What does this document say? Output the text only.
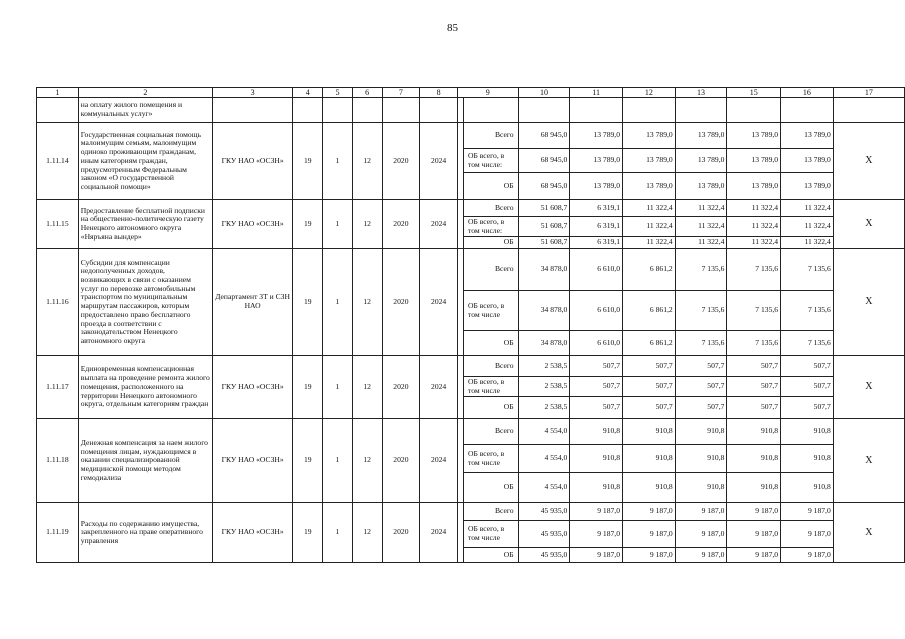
85
1	2	3	4	5	6	7	8	9		10	11	12	13	15	16	17
	на оплату жилого помещения и коммунальных услуг»															
1.11.14	Государственная социальная помощь малоимущим семьям, малоимущим одиноко проживающим гражданам, иным категориям граждан, предусмотренным Федеральным законом «О государственной социальной помощи»	ГКУ НАО «ОСЗН»	19	1	12	2020	2024		Всего	68 945,0	13 789,0	13 789,0	13 789,0	13 789,0	13 789,0	X

									ОБ всего, в том числе:	68 945,0	13 789,0	13 789,0	13 789,0	13 789,0	13 789,0	

									ОБ	68 945,0	13 789,0	13 789,0	13 789,0	13 789,0	13 789,0	
1.11.15	Предоставление бесплатной подписки на общественно-политическую газету Ненецкого автономного округа «Няръяна вындер»	ГКУ НАО «ОСЗН»	19	1	12	2020	2024		Всего	51 608,7	6 319,1	11 322,4	11 322,4	11 322,4	11 322,4	X

									ОБ всего, в том числе:	51 608,7	6 319,1	11 322,4	11 322,4	11 322,4	11 322,4	

									ОБ	51 608,7	6 319,1	11 322,4	11 322,4	11 322,4	11 322,4	
1.11.16	Субсидии для компенсации недополученных доходов, возникающих в связи с оказанием услуг по перевозке автомобильным транспортом по муниципальным маршрутам пассажиров, которым предоставлено право бесплатного проезда в соответствии с законодательством Ненецкого автономного округа	Департамент ЗТ и СЗН НАО	19	1	12	2020	2024		Всего	34 878,0	6 610,0	6 861,2	7 135,6	7 135,6	7 135,6	X

									ОБ всего, в том числе	34 878,0	6 610,0	6 861,2	7 135,6	7 135,6	7 135,6	

									ОБ	34 878,0	6 610,0	6 861,2	7 135,6	7 135,6	7 135,6	
1.11.17	Единовременная компенсационная выплата на проведение ремонта жилого помещения, расположенного на территории Ненецкого автономного округа, отдельным категориям граждан	ГКУ НАО «ОСЗН»	19	1	12	2020	2024		Всего	2 538,5	507,7	507,7	507,7	507,7	507,7	X

									ОБ всего, в том числе	2 538,5	507,7	507,7	507,7	507,7	507,7	

									ОБ	2 538,5	507,7	507,7	507,7	507,7	507,7	
1.11.18	Денежная компенсация за наем жилого помещения лицам, нуждающимся в оказании специализированной медицинской помощи методом гемодиализа	ГКУ НАО «ОСЗН»	19	1	12	2020	2024		Всего	4 554,0	910,8	910,8	910,8	910,8	910,8	X

									ОБ всего, в том числе	4 554,0	910,8	910,8	910,8	910,8	910,8	

									ОБ	4 554,0	910,8	910,8	910,8	910,8	910,8	
1.11.19	Расходы по содержанию имущества, закрепленного на праве оперативного управления	ГКУ НАО «ОСЗН»	19	1	12	2020	2024		Всего	45 935,0	9 187,0	9 187,0	9 187,0	9 187,0	9 187,0	X

									ОБ всего, в том числе	45 935,0	9 187,0	9 187,0	9 187,0	9 187,0	9 187,0	

									ОБ	45 935,0	9 187,0	9 187,0	9 187,0	9 187,0	9 187,0	
